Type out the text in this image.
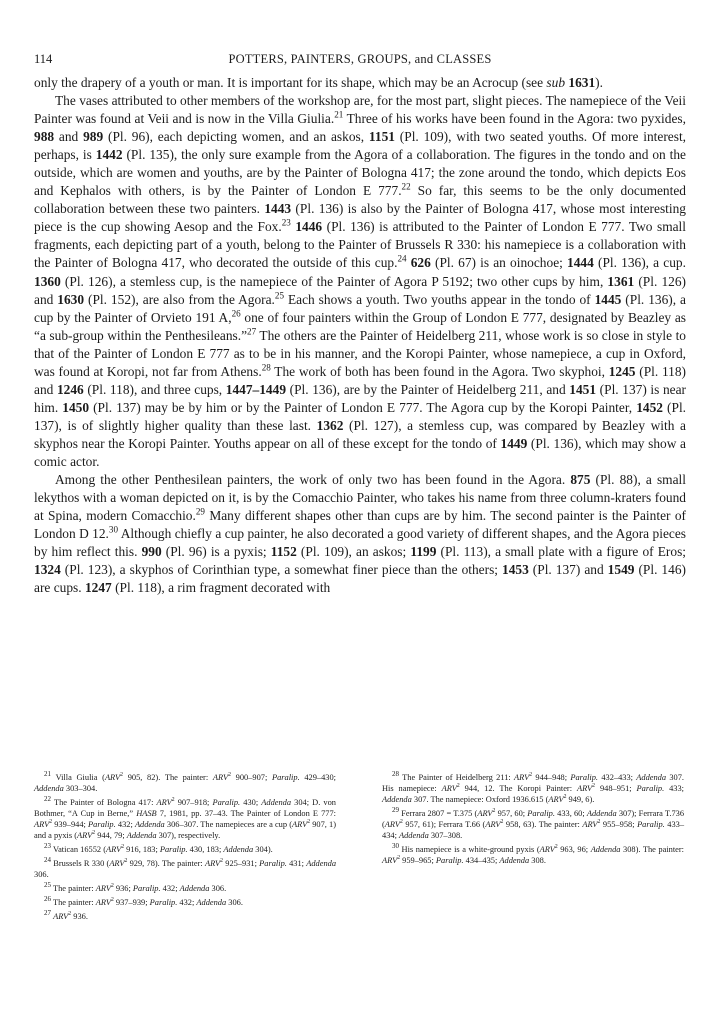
114	POTTERS, PAINTERS, GROUPS, and CLASSES

only the drapery of a youth or man. It is important for its shape, which may be an Acrocup (see sub 1631).

The vases attributed to other members of the workshop are, for the most part, slight pieces. The namepiece of the Veii Painter was found at Veii and is now in the Villa Giulia.$^{21}$ Three of his works have been found in the Agora: two pyxides, 988 and 989 (Pl. 96), each depicting women, and an askos, 1151 (Pl. 109), with two seated youths. Of more interest, perhaps, is 1442 (Pl. 135), the only sure example from the Agora of a collaboration. The figures in the tondo and on the outside, which are women and youths, are by the Painter of Bologna 417; the zone around the tondo, which depicts Eos and Kephalos with others, is by the Painter of London E 777.22 So far, this seems to be the only documented collaboration between these two painters. 1443 (Pl. 136) is also by the Painter of Bologna 417, whose most interesting piece is the cup showing Aesop and the Fox.$^{23}$ 1446 (Pl. 136) is attributed to the Painter of London E 777. Two small fragments, each depicting part of a youth, belong to the Painter of Brussels R 330: his namepiece is a collaboration with the Painter of Bologna 417, who decorated the outside of this cup.$^{24}$ 626 (Pl. 67) is an oinochoe; 1444 (Pl. 136), a cup. 1360 (Pl. 126), a stemless cup, is the namepiece of the Painter of Agora P 5192; two other cups by him, 1361 (Pl. 126) and 1630 (Pl. 152), are also from the Agora.$^{25}$ Each shows a youth. Two youths appear in the tondo of 1445 (Pl. 136), a cup by the Painter of Orvieto 191 A,$^{26}$ one of four painters within the Group of London E 777, designated by Beazley as “a sub-group within the Penthesileans.”$^{27}$ The others are the Painter of Heidelberg 211, whose work is so close in style to that of the Painter of London E 777 as to be in his manner, and the Koropi Painter, whose namepiece, a cup in Oxford, was found at Koropi, not far from Athens.$^{28}$ The work of both has been found in the Agora. Two skyphoi, 1245 (Pl. 118) and 1246 (Pl. 118), and three cups, 1447–1449 (Pl. 136), are by the Painter of Heidelberg 211, and 1451 (Pl. 137) is near him. 1450 (Pl. 137) may be by him or by the Painter of London E 777. The Agora cup by the Koropi Painter, 1452 (Pl. 137), is of slightly higher quality than these last. 1362 (Pl. 127), a stemless cup, was compared by Beazley with a skyphos near the Koropi Painter. Youths appear on all of these except for the tondo of 1449 (Pl. 136), which may show a comic actor.

Among the other Penthesilean painters, the work of only two has been found in the Agora. 875 (Pl. 88), a small lekythos with a woman depicted on it, is by the Comacchio Painter, who takes his name from three column-kraters found at Spina, modern Comacchio.$^{29}$ Many different shapes other than cups are by him. The second painter is the Painter of London D 12.30 Although chiefly a cup painter, he also decorated a good variety of different shapes, and the Agora pieces by him reflect this. 990 (Pl. 96) is a pyxis; 1152 (Pl. 109), an askos; 1199 (Pl. 113), a small plate with a figure of Eros; 1324 (Pl. 123), a skyphos of Corinthian type, a somewhat finer piece than the others; 1453 (Pl. 137) and 1549 (Pl. 146) are cups. 1247 (Pl. 118), a rim fragment decorated with

$^{21}$ Villa Giulia (ARV$^2$ 905, 82). The painter: ARV$^2$ 900–907; Paralip. 429–430; Addenda 303–304.

$^{22}$ The Painter of Bologna 417: ARV$^2$ 907–918; Paralip. 430; Addenda 304; D. von Bothmer, “A Cup in Berne,” HASB 7, 1981, pp. 37–43. The Painter of London E 777: ARV$^2$ 939–944; Paralip. 432; Addenda 306–307. The namepieces are a cup (ARV$^2$ 907, 1) and a pyxis (ARV$^2$ 944, 79; Addenda 307), respectively.

$^{23}$ Vatican 16552 (ARV$^2$ 916, 183; Paralip. 430, 183; Addenda 304).

$^{24}$ Brussels R 330 (ARV$^2$ 929, 78). The painter: ARV$^2$ 925–931; Paralip. 431; Addenda 306.

$^{25}$ The painter: ARV$^2$ 936; Paralip. 432; Addenda 306.

$^{26}$ The painter: ARV$^2$ 937–939; Paralip. 432; Addenda 306.

$^{27}$ ARV$^2$ 936.

$^{28}$ The Painter of Heidelberg 211: ARV$^2$ 944–948; Paralip. 432–433; Addenda 307. His namepiece: ARV$^2$ 944, 12. The Koropi Painter: ARV$^2$ 948–951; Paralip. 433; Addenda 307. The namepiece: Oxford 1936.615 (ARV$^2$ 949, 6).

$^{29}$ Ferrara 2807 = T.375 (ARV$^2$ 957, 60; Paralip. 433, 60; Addenda 307); Ferrara T.736 (ARV$^2$ 957, 61); Ferrara T.66 (ARV$^2$ 958, 63). The painter: ARV$^2$ 955–958; Paralip. 433–434; Addenda 307–308.

$^{30}$ His namepiece is a white-ground pyxis (ARV$^2$ 963, 96; Addenda 308). The painter: ARV$^2$ 959–965; Paralip. 434–435; Addenda 308.
